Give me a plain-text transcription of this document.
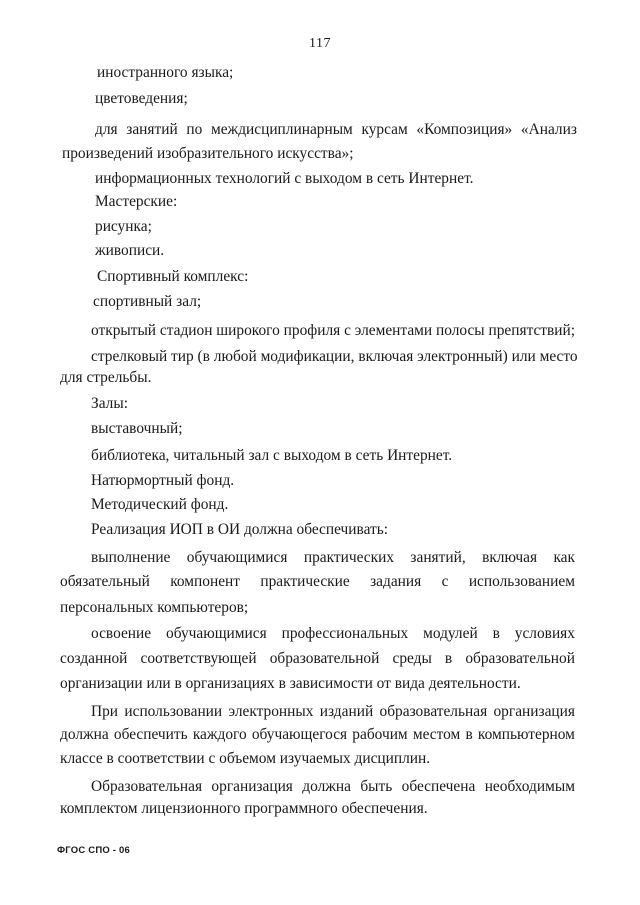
117
иностранного языка;
цветоведения;
для занятий по междисциплинарным курсам «Композиция» «Анализ
произведений изобразительного искусства»;
информационных технологий с выходом в сеть Интернет.
Мастерские:
рисунка;
живописи.
Спортивный комплекс:
спортивный зал;
открытый стадион широкого профиля с элементами полосы препятствий;
стрелковый тир (в любой модификации, включая электронный) или место
для стрельбы.
Залы:
выставочный;
библиотека, читальный зал с выходом в сеть Интернет.
Натюрмортный фонд.
Методический фонд.
Реализация ИОП в ОИ должна обеспечивать:
выполнение обучающимися практических занятий, включая как
обязательный компонент практические задания с использованием
персональных компьютеров;
освоение обучающимися профессиональных модулей в условиях
созданной соответствующей образовательной среды в образовательной
организации или в организациях в зависимости от вида деятельности.
При использовании электронных изданий образовательная организация
должна обеспечить каждого обучающегося рабочим местом в компьютерном
классе в соответствии с объемом изучаемых дисциплин.
Образовательная организация должна быть обеспечена необходимым
комплектом лицензионного программного обеспечения.
ФГОС СПО - 06
